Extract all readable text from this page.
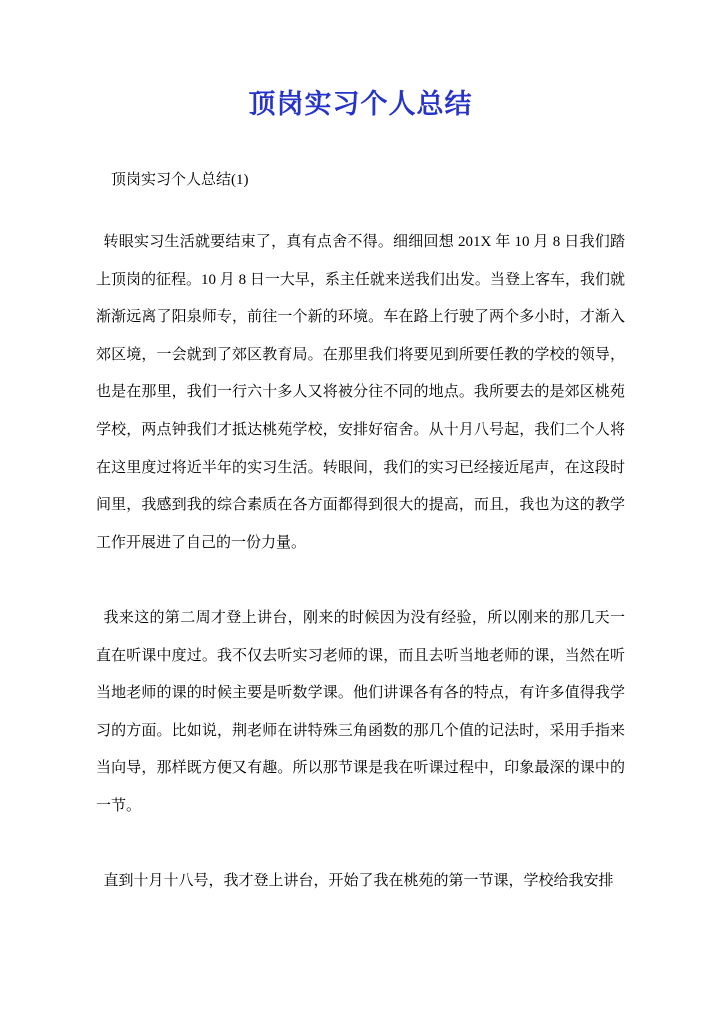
顶岗实习个人总结

顶岗实习个人总结(1)

转眼实习生活就要结束了，真有点舍不得。细细回想 201X 年 10 月 8 日我们踏上顶岗的征程。10 月 8 日一大早，系主任就来送我们出发。当登上客车，我们就渐渐远离了阳泉师专，前往一个新的环境。车在路上行驶了两个多小时，才渐入郊区境，一会就到了郊区教育局。在那里我们将要见到所要任教的学校的领导，也是在那里，我们一行六十多人又将被分往不同的地点。我所要去的是郊区桃苑学校，两点钟我们才抵达桃苑学校，安排好宿舍。从十月八号起，我们二个人将在这里度过将近半年的实习生活。转眼间，我们的实习已经接近尾声，在这段时间里，我感到我的综合素质在各方面都得到很大的提高，而且，我也为这的教学工作开展进了自己的一份力量。

我来这的第二周才登上讲台，刚来的时候因为没有经验，所以刚来的那几天一直在听课中度过。我不仅去听实习老师的课，而且去听当地老师的课，当然在听当地老师的课的时候主要是听数学课。他们讲课各有各的特点，有许多值得我学习的方面。比如说，荆老师在讲特殊三角函数的那几个值的记法时，采用手指来当向导，那样既方便又有趣。所以那节课是我在听课过程中，印象最深的课中的一节。

直到十月十八号，我才登上讲台，开始了我在桃苑的第一节课，学校给我安排
